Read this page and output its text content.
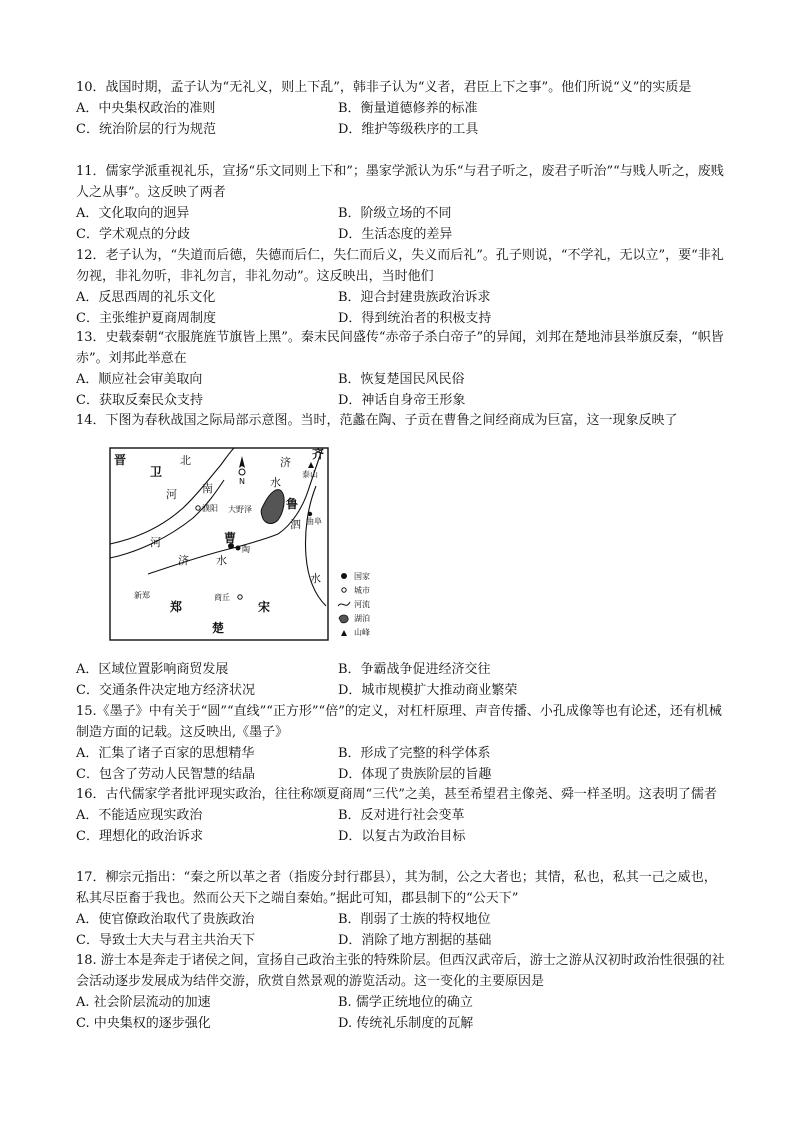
10．战国时期，孟子认为“无礼义，则上下乱”，韩非子认为“义者，君臣上下之事”。他们所说“义”的实质是

A．中央集权政治的准则	B．衡量道德修养的标准
C．统治阶层的行为规范	D．维护等级秩序的工具

11．儒家学派重视礼乐，宣扬“乐文同则上下和”；墨家学派认为乐“与君子听之，废君子听治”“与贱人听之，废贱人之从事”。这反映了两者

A．文化取向的迥异	B．阶级立场的不同
C．学术观点的分歧	D．生活态度的差异

12．老子认为，“失道而后德，失德而后仁，失仁而后义，失义而后礼”。孔子则说，“不学礼，无以立”，要“非礼勿视，非礼勿听，非礼勿言，非礼勿动”。这反映出，当时他们

A．反思西周的礼乐文化	B．迎合封建贵族政治诉求
C．主张维护夏商周制度	D．得到统治者的积极支持

13．史载秦朝“衣服旄旌节旗皆上黑”。秦末民间盛传“赤帝子杀白帝子”的异闻，刘邦在楚地沛县举旗反秦，“帜皆赤”。刘邦此举意在

A．顺应社会审美取向	B．恢复楚国民风民俗
C．获取反秦民众支持	D．神话自身帝王形象

14．下图为春秋战国之际局部示意图。当时，范蠡在陶、子贡在曹鲁之间经商成为巨富，这一现象反映了

N
晋
卫
齐
鲁
郑	宋
楚
北
河 南
济
水
泗
河
济 水
水
大野泽
泰山
濮阳
曹
陶
曲阜
新郑	商丘
国家
城市
河流
湖泊
山峰
A．区域位置影响商贸发展	B．争霸战争促进经济交往
C．交通条件决定地方经济状况	D．城市规模扩大推动商业繁荣

15.《墨子》中有关于“圆”“直线”“正方形”“倍”的定义，对杠杆原理、声音传播、小孔成像等也有论述，还有机械制造方面的记载。这反映出,《墨子》

A．汇集了诸子百家的思想精华	B．形成了完整的科学体系
C．包含了劳动人民智慧的结晶	D．体现了贵族阶层的旨趣

16．古代儒家学者批评现实政治，往往称颂夏商周“三代”之美，甚至希望君主像尧、舜一样圣明。这表明了儒者

A．不能适应现实政治	B．反对进行社会变革
C．理想化的政治诉求	D．以复古为政治目标

17．柳宗元指出：“秦之所以革之者（指废分封行郡县），其为制，公之大者也；其情，私也，私其一己之威也，私其尽臣畜于我也。然而公天下之端自秦始。”据此可知，郡县制下的“公天下”

A．使官僚政治取代了贵族政治	B．削弱了士族的特权地位
C．导致士大夫与君主共治天下	D．消除了地方割据的基础

18. 游士本是奔走于诸侯之间，宣扬自己政治主张的特殊阶层。但西汉武帝后，游士之游从汉初时政治性很强的社会活动逐步发展成为结伴交游，欣赏自然景观的游览活动。这一变化的主要原因是

A. 社会阶层流动的加速	B. 儒学正统地位的确立
C. 中央集权的逐步强化	D. 传统礼乐制度的瓦解
